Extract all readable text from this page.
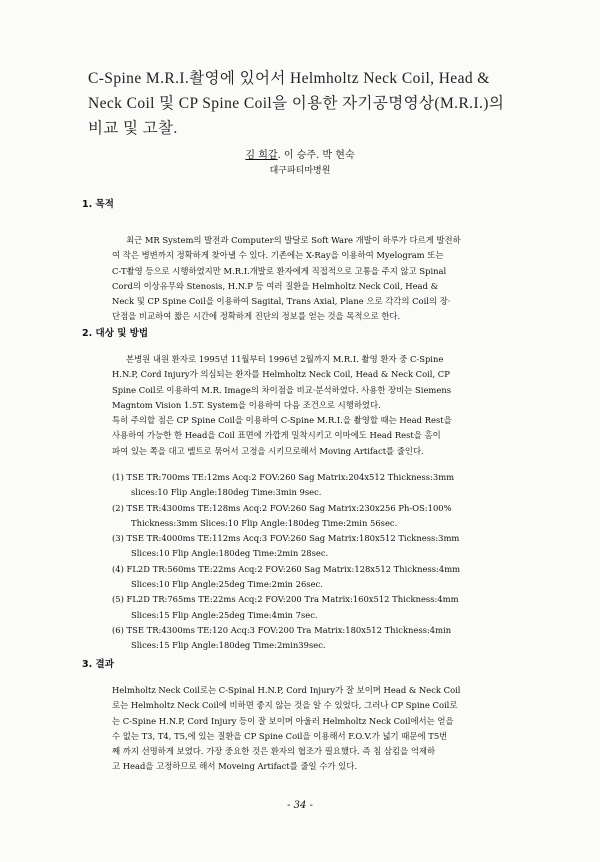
C-Spine M.R.I.촬영에 있어서 Helmholtz Neck Coil, Head &
Neck Coil 및 CP Spine Coil을 이용한 자기공명영상(M.R.I.)의
비교 및 고찰.
김 희갑. 이 승주. 박 현숙
대구파티마병원
1. 목적
최근 MR System의 발전과 Computer의 발달로 Soft Ware 개발이 하루가 다르게 발전하
여 작은 병변까지 정확하게 찾아낼 수 있다. 기존에는 X-Ray을 이용하여 Myelogram 또는
C-T촬영 등으로 시행하였지만 M.R.I.개발로 환자에게 직접적으로 고통을 주지 않고 Spinal
Cord의 이상유무와 Stenosis, H.N.P 등 여러 질환을 Helmholtz Neck Coil, Head &
Neck 및 CP Spine Coil을 이용하여 Sagital, Trans Axial, Plane 으로 각각의 Coil의 장·
단점을 비교하여 짧은 시간에 정확하게 진단의 정보를 얻는 것을 목적으로 한다.
2. 대상 및 방법
본병원 내원 환자로 1995년 11월부터 1996년 2월까지 M.R.I. 촬영 환자 중 C-Spine
H.N.P, Cord Injury가 의심되는 환자를 Helmholtz Neck Coil, Head & Neck Coil, CP
Spine Coil로 이용하여 M.R. Image의 차이점을 비교·분석하였다. 사용한 장비는 Siemens
Magntom Vision 1.5T. System을 이용하여 다음 조건으로 시행하였다.
특히 주의할 점은 CP Spine Coil을 이용하여 C-Spine M.R.I.을 촬영할 때는 Head Rest을
사용하여 가능한 한 Head을 Coil 표면에 가깝게 밀착시키고 이마에도 Head Rest을 홈이
파여 있는 쪽을 대고 벨트로 묶어서 고정을 시키므로해서 Moving Artifact를 줄인다.
(1) TSE TR:700ms TE:12ms Acq:2 FOV:260 Sag Matrix:204x512 Thickness:3mm
slices:10 Flip Angle:180deg Time:3min 9sec.
(2) TSE TR:4300ms TE:128ms Acq:2 FOV:260 Sag Matrix:230x256 Ph-OS:100%
Thickness:3mm Slices:10 Flip Angle:180deg Time:2min 56sec.
(3) TSE TR:4000ms TE:112ms Acq:3 FOV:260 Sag Matrix:180x512 Tickness:3mm
Slices:10 Flip Angle:180deg Time:2min 28sec.
(4) FL2D TR:560ms TE:22ms Acq:2 FOV:260 Sag Matrix:128x512 Thickness:4mm
Slices:10 Flip Angle:25deg Time:2min 26sec.
(5) FL2D TR:765ms TE:22ms Acq:2 FOV:200 Tra Matrix:160x512 Thickness:4mm
Slices:15 Flip Angle:25deg Time:4min 7sec.
(6) TSE TR:4300ms TE:120 Acq:3 FOV:200 Tra Matrix:180x512 Thickness:4min
Slices:15 Flip Angle:180deg Time:2min39sec.
3. 결과
Helmholtz Neck Coil로는 C-Spinal H.N.P, Cord Injury가 잘 보이며 Head & Neck Coil
로는 Helmholtz Neck Coil에 비하면 좋지 않는 것을 알 수 있었다, 그러나 CP Spine Coil로
는 C-Spine H.N.P, Cord Injury 등이 잘 보이며 아울러 Helmholtz Neck Coil에서는 얻을
수 없는 T3, T4, T5,에 있는 질환을 CP Spine Coil을 이용해서 F.O.V.가 넓기 때문에 T5번
째 까지 선명하게 보였다. 가장 중요한 것은 환자의 협조가 필요했다. 즉 침 삼킴을 억제하
고 Head을 고정하므로 해서 Moveing Artifact를 줄일 수가 있다.
- 34 -
